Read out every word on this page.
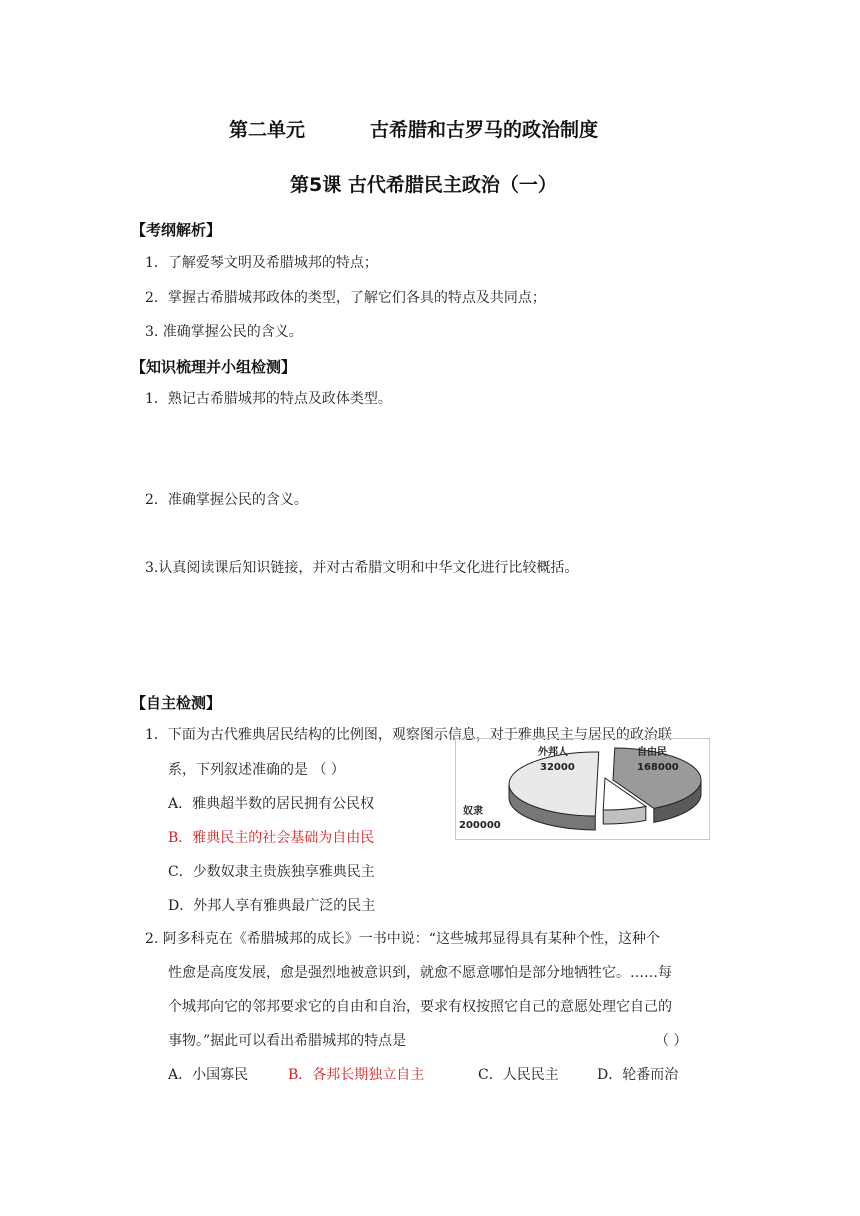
第二单元	古希腊和古罗马的政治制度
第5课 古代希腊民主政治（一）
【考纲解析】
1．了解爱琴文明及希腊城邦的特点；
2．掌握古希腊城邦政体的类型，了解它们各具的特点及共同点；
3. 准确掌握公民的含义。
【知识梳理并小组检测】
1．熟记古希腊城邦的特点及政体类型。
2．准确掌握公民的含义。
3.认真阅读课后知识链接，并对古希腊文明和中华文化进行比较概括。
【自主检测】
1．下面为古代雅典居民结构的比例图，观察图示信息，对于雅典民主与居民的政治联
系，下列叙述准确的是 （ ）
A．雅典超半数的居民拥有公民权
B．雅典民主的社会基础为自由民
C．少数奴隶主贵族独享雅典民主
D．外邦人享有雅典最广泛的民主
外邦人
32000
自由民
168000
奴隶
200000
2. 阿多科克在《希腊城邦的成长》一书中说：“这些城邦显得具有某种个性，这种个
性愈是高度发展，愈是强烈地被意识到，就愈不愿意哪怕是部分地牺牲它。……每
个城邦向它的邻邦要求它的自由和自治，要求有权按照它自己的意愿处理它自己的
事物。”据此可以看出希腊城邦的特点是	（ ）
A．小国寡民	B．各邦长期独立自主	C．人民民主	D．轮番而治
